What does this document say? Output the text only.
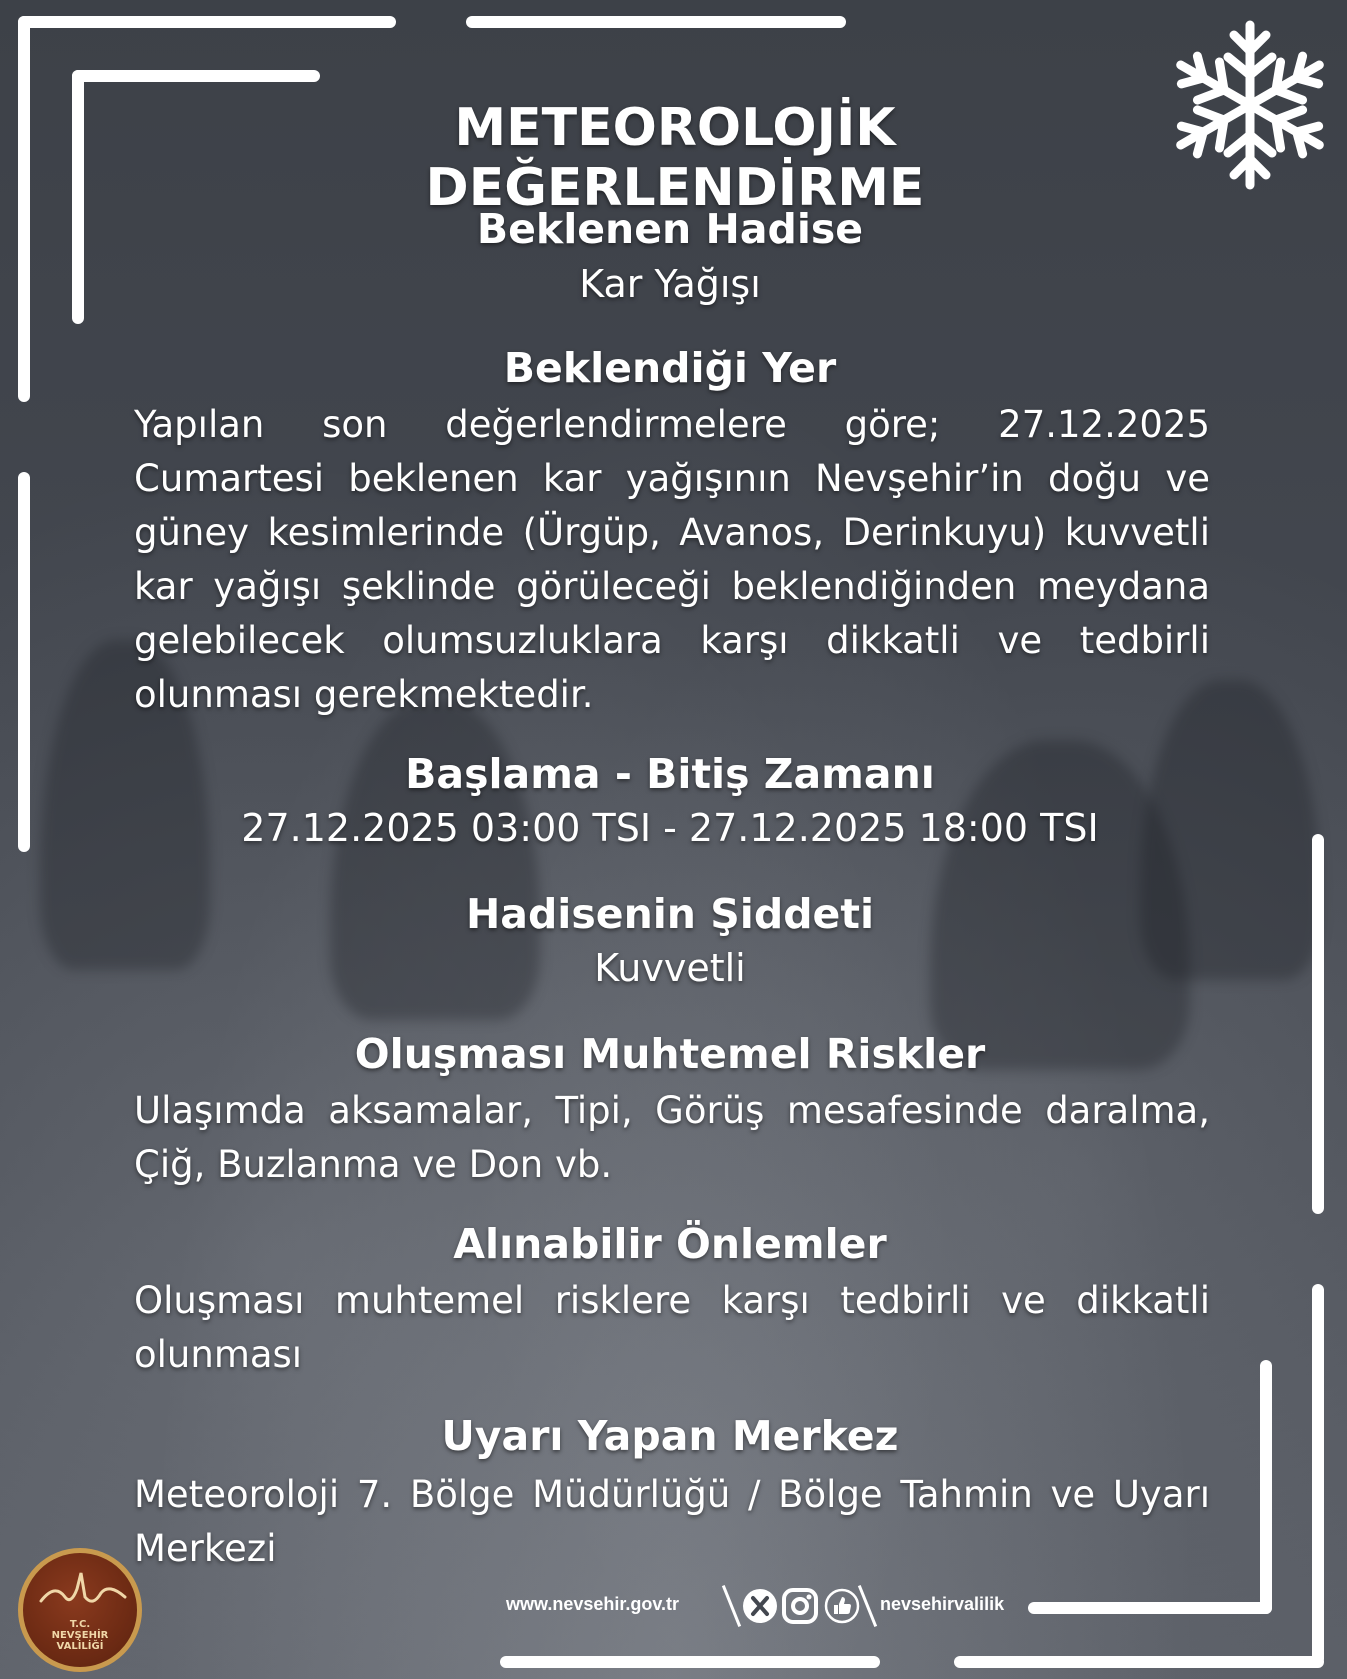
METEOROLOJİK DEĞERLENDİRME
Beklenen Hadise
Kar Yağışı
Beklendiği Yer
Yapılan son değerlendirmelere göre; 27.12.2025 Cumartesi beklenen kar yağışının Nevşehir’in doğu ve güney kesimlerinde (Ürgüp, Avanos, Derinkuyu) kuvvetli kar yağışı şeklinde görüleceği beklendiğinden meydana gelebilecek olumsuzluklara karşı dikkatli ve tedbirli olunması gerekmektedir.
Başlama - Bitiş Zamanı
27.12.2025 03:00 TSI - 27.12.2025 18:00 TSI
Hadisenin Şiddeti
Kuvvetli
Oluşması Muhtemel Riskler
Ulaşımda aksamalar, Tipi, Görüş mesafesinde daralma, Çiğ, Buzlanma ve Don vb.
Alınabilir Önlemler
Oluşması muhtemel risklere karşı tedbirli ve dikkatli olunması
Uyarı Yapan Merkez
Meteoroloji 7. Bölge Müdürlüğü / Bölge Tahmin ve Uyarı Merkezi
T.C.
NEVŞEHİR
VALİLİĞİ
www.nevsehir.gov.tr	nevsehirvalilik
